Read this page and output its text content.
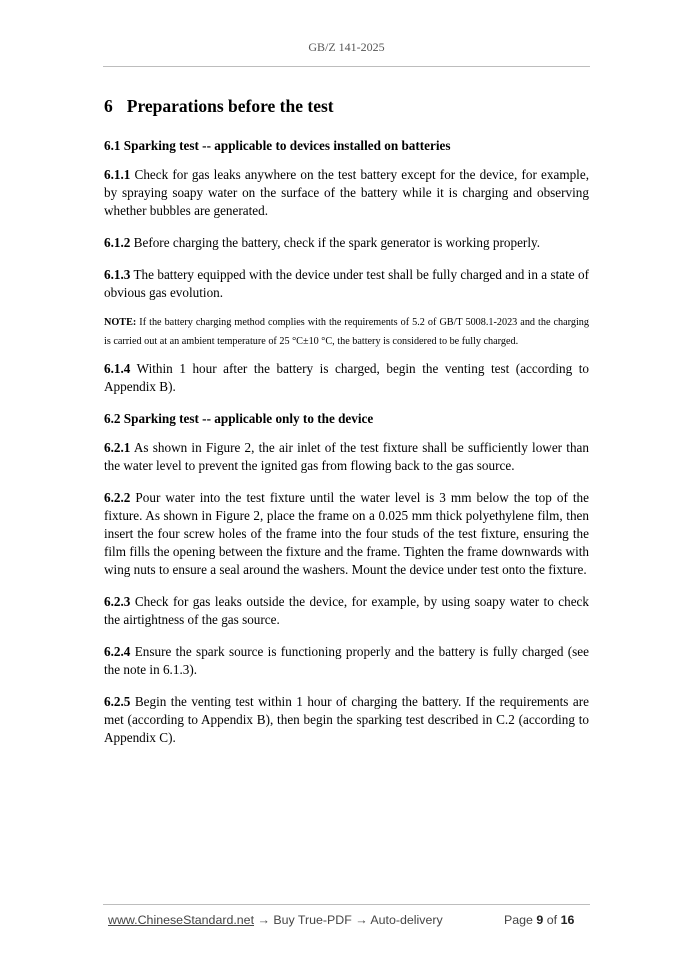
GB/Z 141-2025
6 Preparations before the test
6.1 Sparking test -- applicable to devices installed on batteries

6.1.1 Check for gas leaks anywhere on the test battery except for the device, for example, by spraying soapy water on the surface of the battery while it is charging and observing whether bubbles are generated.

6.1.2 Before charging the battery, check if the spark generator is working properly.

6.1.3 The battery equipped with the device under test shall be fully charged and in a state of obvious gas evolution.

NOTE: If the battery charging method complies with the requirements of 5.2 of GB/T 5008.1-2023 and the charging is carried out at an ambient temperature of 25 °C±10 °C, the battery is considered to be fully charged.

6.1.4 Within 1 hour after the battery is charged, begin the venting test (according to Appendix B).

6.2 Sparking test -- applicable only to the device

6.2.1 As shown in Figure 2, the air inlet of the test fixture shall be sufficiently lower than the water level to prevent the ignited gas from flowing back to the gas source.

6.2.2 Pour water into the test fixture until the water level is 3 mm below the top of the fixture. As shown in Figure 2, place the frame on a 0.025 mm thick polyethylene film, then insert the four screw holes of the frame into the four studs of the test fixture, ensuring the film fills the opening between the fixture and the frame. Tighten the frame downwards with wing nuts to ensure a seal around the washers. Mount the device under test onto the fixture.

6.2.3 Check for gas leaks outside the device, for example, by using soapy water to check the airtightness of the gas source.

6.2.4 Ensure the spark source is functioning properly and the battery is fully charged (see the note in 6.1.3).

6.2.5 Begin the venting test within 1 hour of charging the battery. If the requirements are met (according to Appendix B), then begin the sparking test described in C.2 (according to Appendix C).

www.ChineseStandard.net → Buy True-PDF → Auto-delivery	Page 9 of 16
